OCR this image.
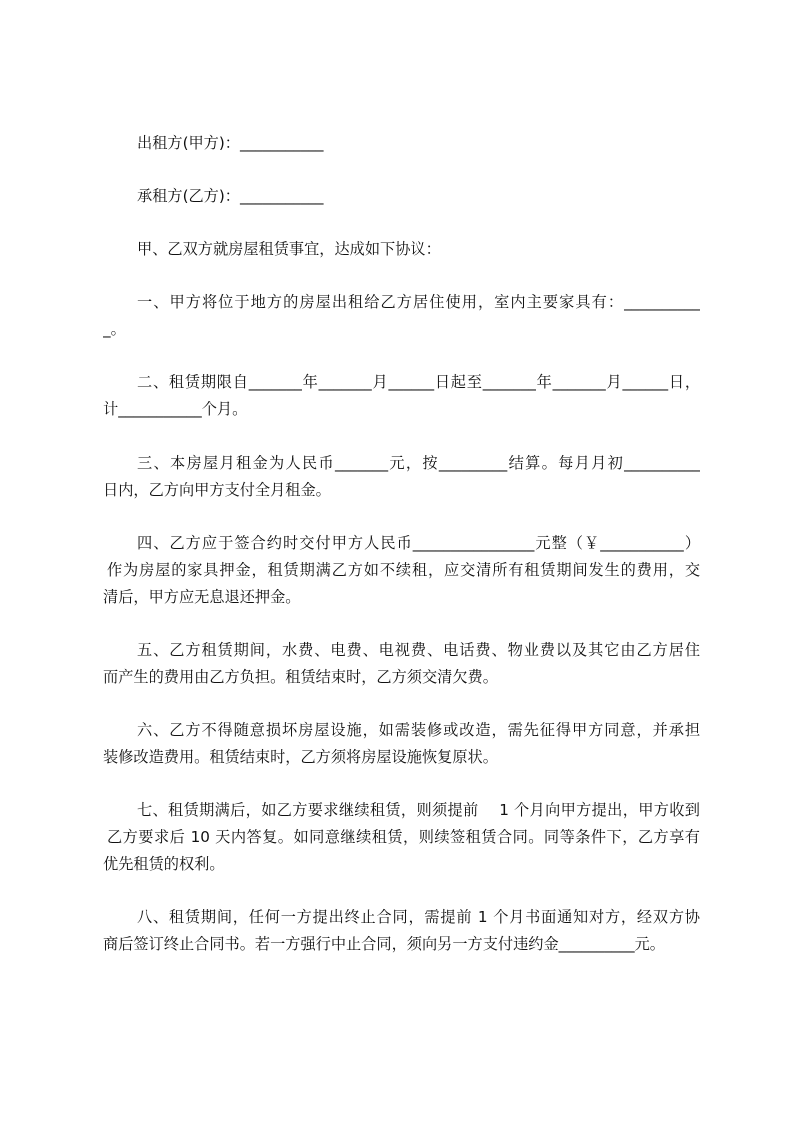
出租方(甲方)：___________
承租方(乙方)：___________
甲、乙双方就房屋租赁事宜，达成如下协议：
一、甲方将位于地方的房屋出租给乙方居住使用，室内主要家具有：__________
_。
二、租赁期限自_______年_______月______日起至_______年_______月______日，
计___________个月。
三、本房屋月租金为人民币_______元，按_________结算。每月月初__________
日内，乙方向甲方支付全月租金。
四、乙方应于签合约时交付甲方人民币________________元整（￥___________）
作为房屋的家具押金，租赁期满乙方如不续租，应交清所有租赁期间发生的费用，交
清后，甲方应无息退还押金。
五、乙方租赁期间，水费、电费、电视费、电话费、物业费以及其它由乙方居住
而产生的费用由乙方负担。租赁结束时，乙方须交清欠费。
六、乙方不得随意损坏房屋设施，如需装修或改造，需先征得甲方同意，并承担
装修改造费用。租赁结束时，乙方须将房屋设施恢复原状。
七、租赁期满后，如乙方要求继续租赁，则须提前    1 个月向甲方提出，甲方收到
乙方要求后 10 天内答复。如同意继续租赁，则续签租赁合同。同等条件下，乙方享有
优先租赁的权利。
八、租赁期间，任何一方提出终止合同，需提前 1 个月书面通知对方，经双方协
商后签订终止合同书。若一方强行中止合同，须向另一方支付违约金__________元。
